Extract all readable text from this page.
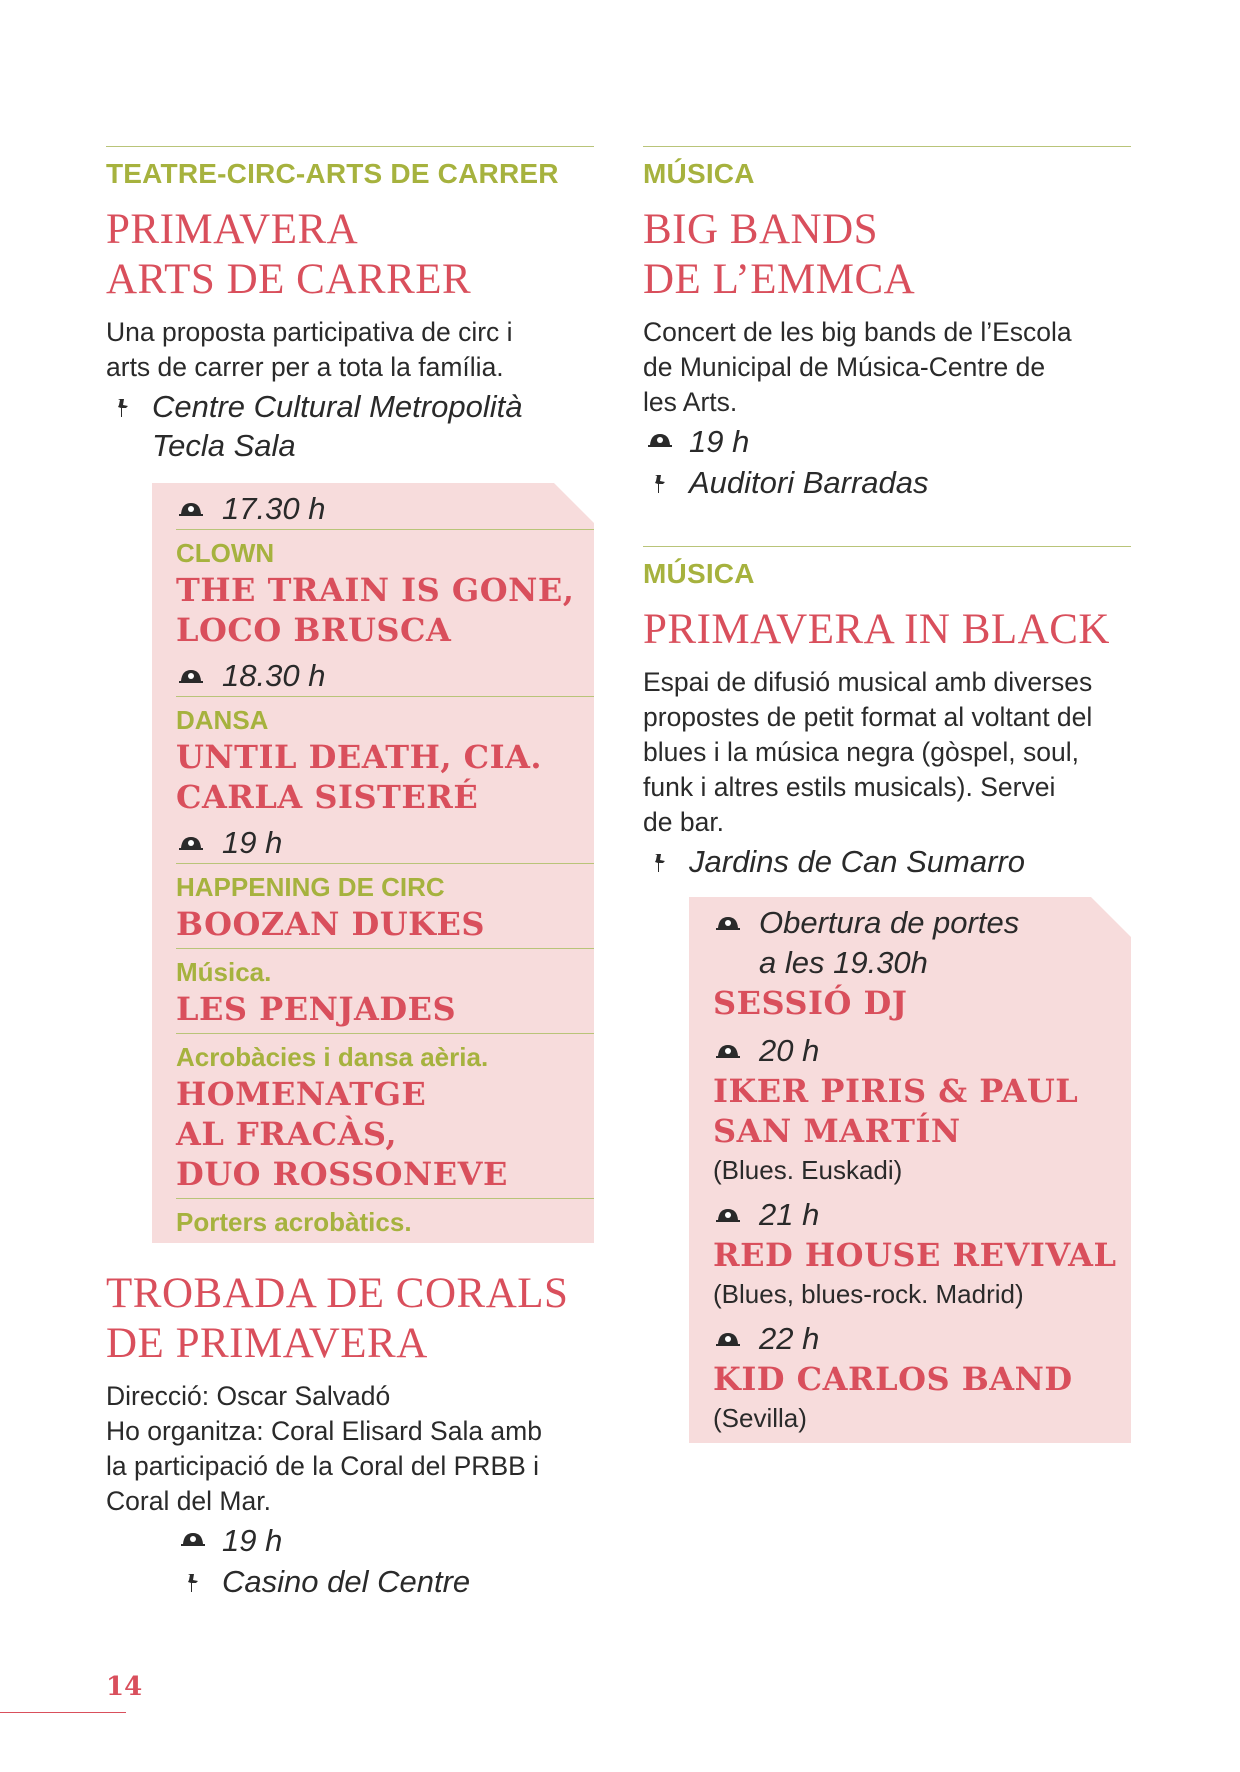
TEATRE-CIRC-ARTS DE CARRER
PRIMAVERA
ARTS DE CARRER
Una proposta participativa de circ i
arts de carrer per a tota la família.
Centre Cultural Metropolità
Tecla Sala
17.30 h
CLOWN
THE TRAIN IS GONE,
LOCO BRUSCA
18.30 h
DANSA
UNTIL DEATH, CIA.
CARLA SISTERÉ
19 h
HAPPENING DE CIRC
BOOZAN DUKES
Música.
LES PENJADES
Acrobàcies i dansa aèria.
HOMENATGE
AL FRACÀS,
DUO ROSSONEVE
Porters acrobàtics.
TROBADA DE CORALS
DE PRIMAVERA
Direcció: Oscar Salvadó
Ho organitza: Coral Elisard Sala amb
la participació de la Coral del PRBB i
Coral del Mar.
19 h
Casino del Centre
MÚSICA
BIG BANDS
DE L’EMMCA
Concert de les big bands de l’Escola
de Municipal de Música-Centre de
les Arts.
19 h
Auditori Barradas
MÚSICA
PRIMAVERA IN BLACK
Espai de difusió musical amb diverses
propostes de petit format al voltant del
blues i la música negra (gòspel, soul,
funk i altres estils musicals). Servei
de bar.
Jardins de Can Sumarro
Obertura de portes
a les 19.30h
SESSIÓ DJ
20 h
IKER PIRIS & PAUL
SAN MARTÍN
(Blues. Euskadi)
21 h
RED HOUSE REVIVAL
(Blues, blues-rock. Madrid)
22 h
KID CARLOS BAND
(Sevilla)
14
